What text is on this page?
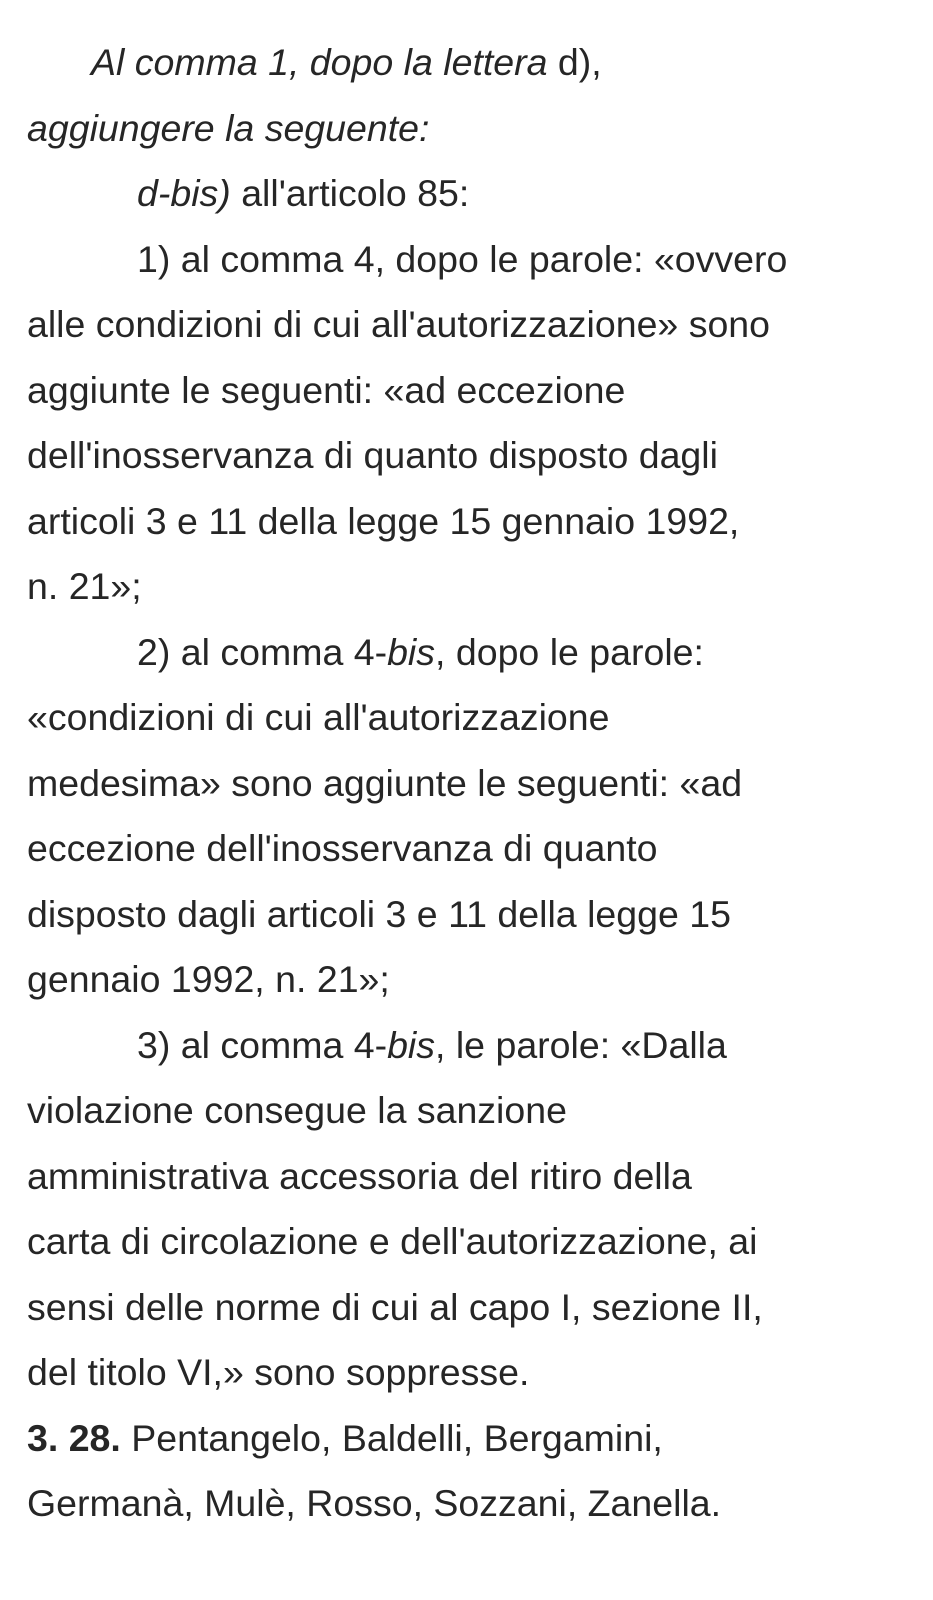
Al comma 1, dopo la lettera d),
aggiungere la seguente:
d-bis) all'articolo 85:
1) al comma 4, dopo le parole: «ovvero
alle condizioni di cui all'autorizzazione» sono
aggiunte le seguenti: «ad eccezione
dell'inosservanza di quanto disposto dagli
articoli 3 e 11 della legge 15 gennaio 1992,
n. 21»;
2) al comma 4-bis, dopo le parole:
«condizioni di cui all'autorizzazione
medesima» sono aggiunte le seguenti: «ad
eccezione dell'inosservanza di quanto
disposto dagli articoli 3 e 11 della legge 15
gennaio 1992, n. 21»;
3) al comma 4-bis, le parole: «Dalla
violazione consegue la sanzione
amministrativa accessoria del ritiro della
carta di circolazione e dell'autorizzazione, ai
sensi delle norme di cui al capo I, sezione II,
del titolo VI,» sono soppresse.
3. 28. Pentangelo, Baldelli, Bergamini,
Germanà, Mulè, Rosso, Sozzani, Zanella.
